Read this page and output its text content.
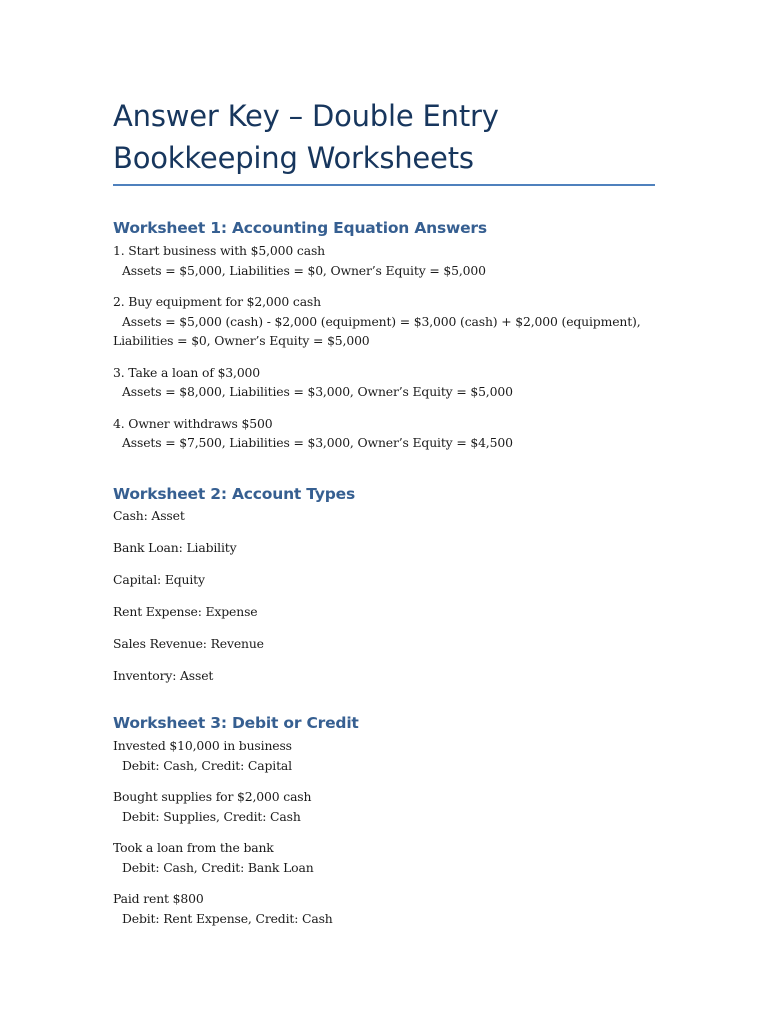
Answer Key – Double Entry
Bookkeeping Worksheets
Worksheet 1: Accounting Equation Answers
1. Start business with $5,000 cash
Assets = $5,000, Liabilities = $0, Owner’s Equity = $5,000
2. Buy equipment for $2,000 cash
Assets = $5,000 (cash) - $2,000 (equipment) = $3,000 (cash) + $2,000 (equipment),
Liabilities = $0, Owner’s Equity = $5,000
3. Take a loan of $3,000
Assets = $8,000, Liabilities = $3,000, Owner’s Equity = $5,000
4. Owner withdraws $500
Assets = $7,500, Liabilities = $3,000, Owner’s Equity = $4,500
Worksheet 2: Account Types
Cash: Asset
Bank Loan: Liability
Capital: Equity
Rent Expense: Expense
Sales Revenue: Revenue
Inventory: Asset
Worksheet 3: Debit or Credit
Invested $10,000 in business
Debit: Cash, Credit: Capital
Bought supplies for $2,000 cash
Debit: Supplies, Credit: Cash
Took a loan from the bank
Debit: Cash, Credit: Bank Loan
Paid rent $800
Debit: Rent Expense, Credit: Cash
